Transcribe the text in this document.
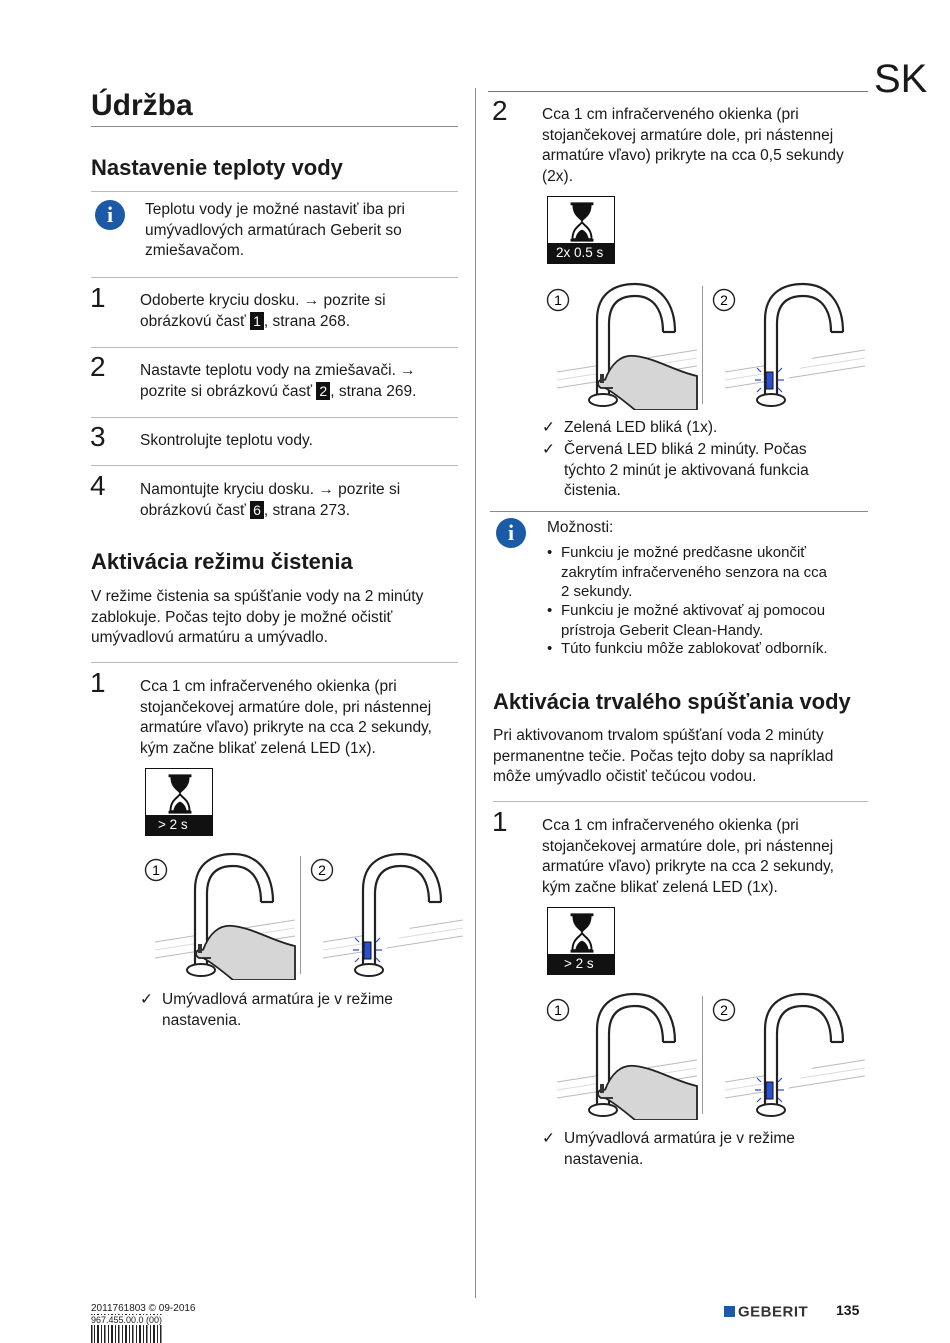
SK
Údržba
Nastavenie teploty vody
i	Teplotu vody je možné nastaviť iba pri
umývadlových armatúrach Geberit so
zmiešavačom.
1 Odoberte kryciu dosku. → pozrite si
obrázkovú časť 1 , strana 268.
2 Nastavte teplotu vody na zmiešavači. →
pozrite si obrázkovú časť 2 , strana 269.
3 Skontrolujte teplotu vody.
4 Namontujte kryciu dosku. → pozrite si
obrázkovú časť 6 , strana 273.
Aktivácia režimu čistenia
V režime čistenia sa spúšťanie vody na 2 minúty
zablokuje. Počas tejto doby je možné očistiť
umývadlovú armatúru a umývadlo.
1 Cca 1 cm infračerveného okienka (pri
stojančekovej armatúre dole, pri nástennej
armatúre vľavo) prikryte na cca 2 sekundy,
kým začne blikať zelená LED (1x).
> 2 s
1	2
✓ Umývadlová armatúra je v režime
nastavenia.
2 Cca 1 cm infračerveného okienka (pri
stojančekovej armatúre dole, pri nástennej
armatúre vľavo) prikryte na cca 0,5 sekundy
(2x).
2x 0.5 s
1	2
✓ Zelená LED bliká (1x).
✓ Červená LED bliká 2 minúty. Počas
týchto 2 minút je aktivovaná funkcia
čistenia.
i	Možnosti:
• Funkciu je možné predčasne ukončiť
zakrytím infračerveného senzora na cca
2 sekundy.
• Funkciu je možné aktivovať aj pomocou
prístroja Geberit Clean-Handy.
• Túto funkciu môže zablokovať odborník.
Aktivácia trvalého spúšťania vody
Pri aktivovanom trvalom spúšťaní voda 2 minúty
permanentne tečie. Počas tejto doby sa napríklad
môže umývadlo očistiť tečúcou vodou.
1 Cca 1 cm infračerveného okienka (pri
stojančekovej armatúre dole, pri nástennej
armatúre vľavo) prikryte na cca 2 sekundy,
kým začne blikať zelená LED (1x).
> 2 s
1	2
✓ Umývadlová armatúra je v režime
nastavenia.
2011761803 © 09-2016
967.455.00.0 (00)	GEBERIT 135
